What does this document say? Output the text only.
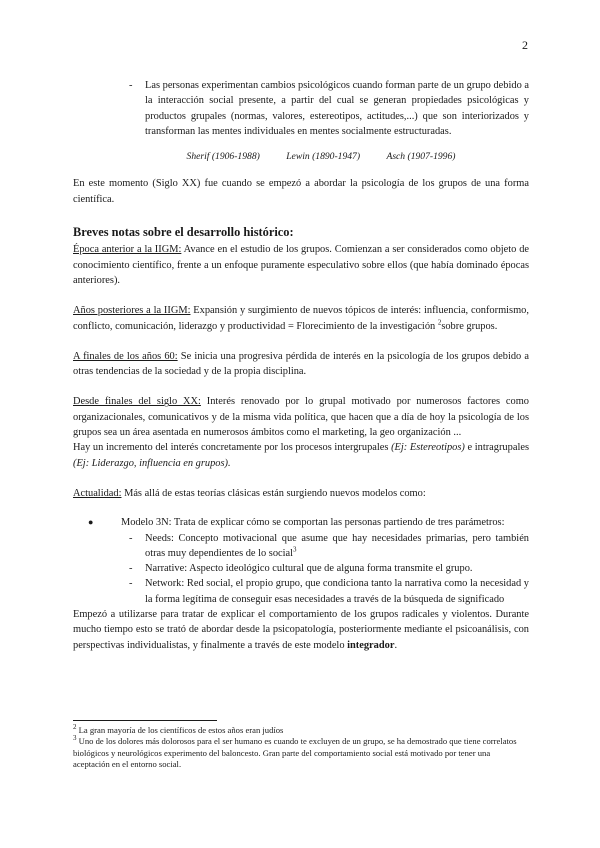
2
- Las personas experimentan cambios psicológicos cuando forman parte de un grupo debido a la interacción social presente, a partir del cual se generan propiedades psicológicas y productos grupales (normas, valores, estereotipos, actitudes,...) que son interiorizados y transforman las mentes individuales en mentes socialmente estructuradas.
Sherif (1906-1988)	Lewin (1890-1947)	Asch (1907-1996)

En este momento (Siglo XX) fue cuando se empezó a abordar la psicología de los grupos de una forma científica.

Breves notas sobre el desarrollo histórico:

Época anterior a la IIGM: Avance en el estudio de los grupos. Comienzan a ser considerados como objeto de conocimiento científico, frente a un enfoque puramente especulativo sobre ellos (que había dominado épocas anteriores).

Años posteriores a la IIGM: Expansión y surgimiento de nuevos tópicos de interés: influencia, conformismo, conflicto, comunicación, liderazgo y productividad = Florecimiento de la investigación $^2$sobre grupos.

A finales de los años 60: Se inicia una progresiva pérdida de interés en la psicología de los grupos debido a otras tendencias de la sociedad y de la propia disciplina.

Desde finales del siglo XX: Interés renovado por lo grupal motivado por numerosos factores como organizacionales, comunicativos y de la misma vida política, que hacen que a día de hoy la psicología de los grupos sea un área asentada en numerosos ámbitos como el marketing, la geo organización ...

Hay un incremento del interés concretamente por los procesos intergrupales (Ej: Estereotipos) e intragrupales (Ej: Liderazgo, influencia en grupos).

Actualidad: Más allá de estas teorías clásicas están surgiendo nuevos modelos como:

●	Modelo 3N: Trata de explicar cómo se comportan las personas partiendo de tres parámetros:
- Needs: Concepto motivacional que asume que hay necesidades primarias, pero también otras muy dependientes de lo social$^3$
- Narrative: Aspecto ideológico cultural que de alguna forma transmite el grupo.
- Network: Red social, el propio grupo, que condiciona tanto la narrativa como la necesidad y la forma legítima de conseguir esas necesidades a través de la búsqueda de significado

Empezó a utilizarse para tratar de explicar el comportamiento de los grupos radicales y violentos. Durante mucho tiempo esto se trató de abordar desde la psicopatología, posteriormente mediante el psicoanálisis, con perspectivas individualistas, y finalmente a través de este modelo integrador.

$^2$ La gran mayoría de los científicos de estos años eran judíos
$^3$ Uno de los dolores más dolorosos para el ser humano es cuando te excluyen de un grupo, se ha demostrado que tiene correlatos biológicos y neurológicos experimento del baloncesto. Gran parte del comportamiento social está motivado por tener una aceptación en el entorno social.
